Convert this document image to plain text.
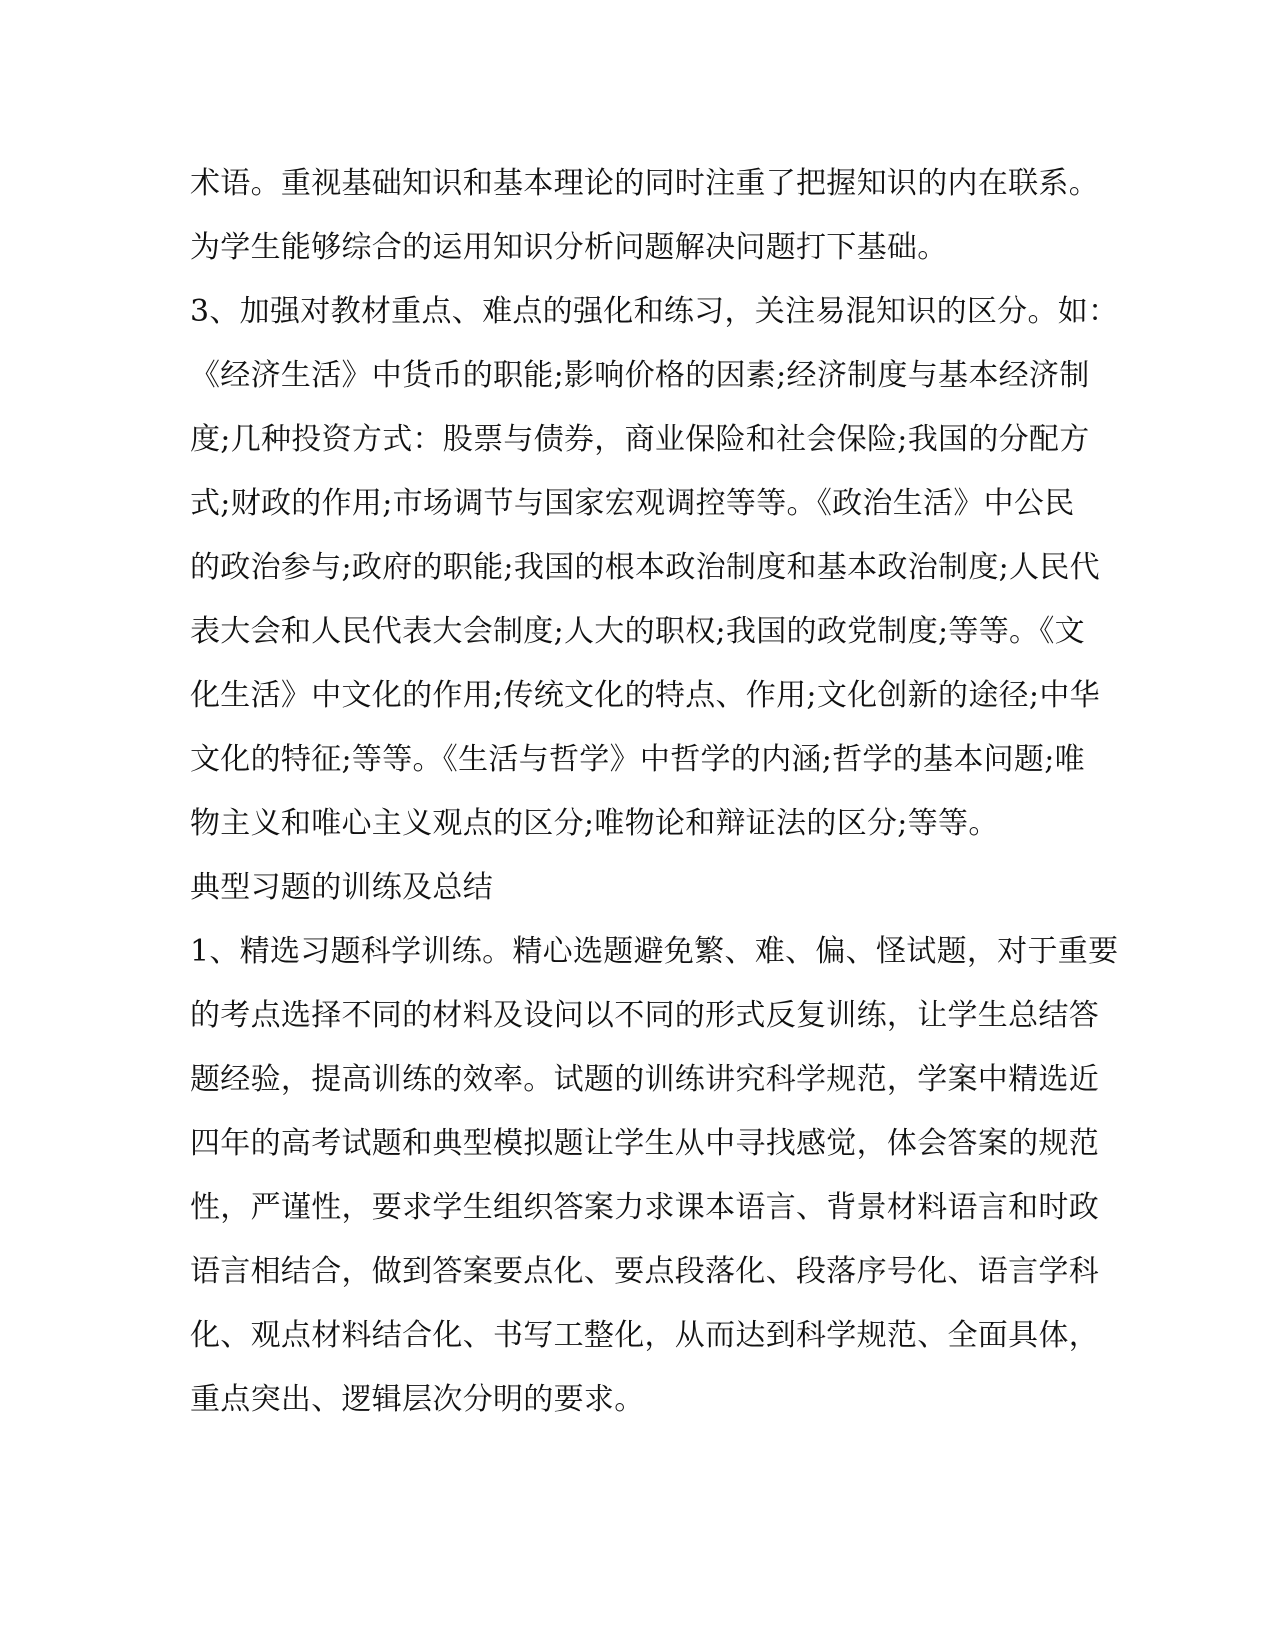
术语。重视基础知识和基本理论的同时注重了把握知识的内在联系。
为学生能够综合的运用知识分析问题解决问题打下基础。
3、加强对教材重点、难点的强化和练习，关注易混知识的区分。如：
《经济生活》中货币的职能;影响价格的因素;经济制度与基本经济制
度;几种投资方式：股票与债券，商业保险和社会保险;我国的分配方
式;财政的作用;市场调节与国家宏观调控等等。《政治生活》中公民
的政治参与;政府的职能;我国的根本政治制度和基本政治制度;人民代
表大会和人民代表大会制度;人大的职权;我国的政党制度;等等。《文
化生活》中文化的作用;传统文化的特点、作用;文化创新的途径;中华
文化的特征;等等。《生活与哲学》中哲学的内涵;哲学的基本问题;唯
物主义和唯心主义观点的区分;唯物论和辩证法的区分;等等。
典型习题的训练及总结
1、精选习题科学训练。精心选题避免繁、难、偏、怪试题，对于重要
的考点选择不同的材料及设问以不同的形式反复训练，让学生总结答
题经验，提高训练的效率。试题的训练讲究科学规范，学案中精选近
四年的高考试题和典型模拟题让学生从中寻找感觉，体会答案的规范
性，严谨性，要求学生组织答案力求课本语言、背景材料语言和时政
语言相结合，做到答案要点化、要点段落化、段落序号化、语言学科
化、观点材料结合化、书写工整化，从而达到科学规范、全面具体，
重点突出、逻辑层次分明的要求。
